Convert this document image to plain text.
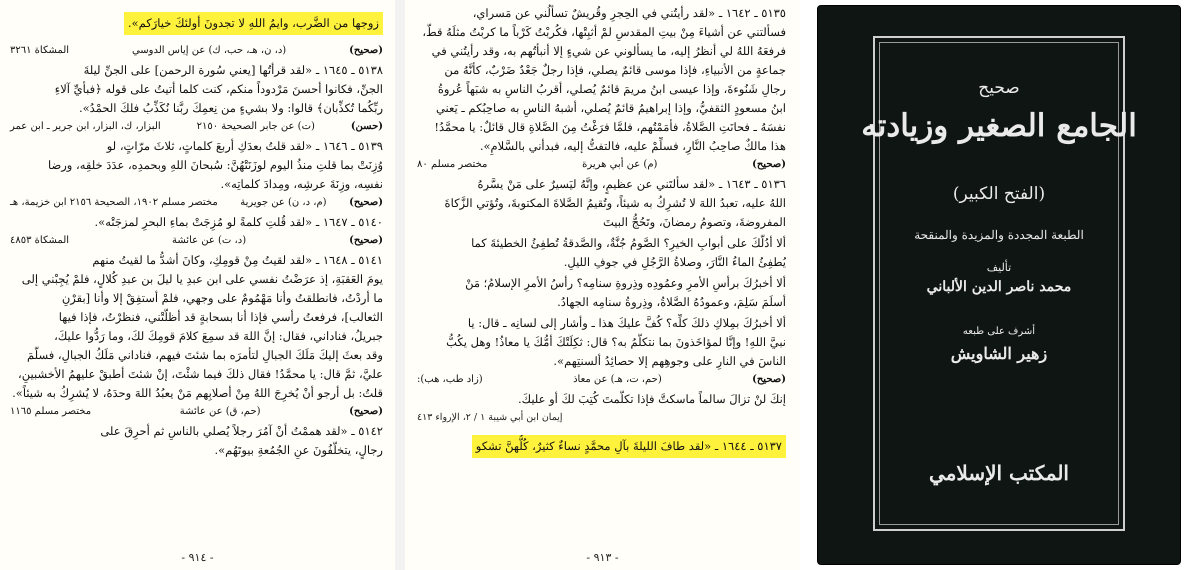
زوجها من الضَّرب، وايمُ اللهِ لا تجدونَ أولئكَ خيارَكم».
(صحيح)
(د، ن، هـ، حب، ك) عن إياس الدوسي
المشكاة ٣٢٦١
٥١٣٨ ـ ١٦٤٥ ـ «لقد قرأتُها [يعني سُورة الرحمن] على الجنِّ ليلةَ
الجنِّ، فكانوا أحسنَ مَرْدوداً منكم، كنت كلما أتيتُ على قوله ﴿فبأيِّ آلاءِ
ربِّكُما تُكذِّبان﴾ قالوا: ولا بشيءٍ من نِعمِكَ ربَّنا نُكَذِّبُ فلكَ الحمْدُ».
(حسن)
(ت) عن جابر الصحيحة ٢١٥٠
البزار، ك، البزار، ابن جرير ـ ابن عمر
٥١٣٩ ـ ١٦٤٦ ـ «لقد قلتُ بعدَكِ أربعَ كلماتٍ، ثلاثَ مرّاتٍ، لو
وُزِنَتْ بما قلتِ منذُ اليوم لوزَنَتْهُنَّ: سُبحانَ اللهِ وبحمدِه، عدَدَ خلقِه، ورضا
نفسِه، وزِنَةَ عرشِه، ومِدادَ كلماتِه».
(صحيح)
(م، د، ن) عن جويرية
مختصر مسلم ١٩٠٢، الصحيحة ٢١٥٦ ابن خزيمة، هـ
٥١٤٠ ـ ١٦٤٧ ـ «لقد قُلتِ كلمةً لو مُزِجَتْ بماءِ البحرِ لمزجَتْه».
(صحيح)
(د، ت) عن عائشة
المشكاة ٤٨٥٣
٥١٤١ ـ ١٦٤٨ ـ «لقد لقيتُ مِنْ قومِكِ، وكانَ أشدُّ ما لقيتُ منهم
يومَ العَقبَةِ، إذ عرَضْتُ نفسي على ابن عبدِ يا ليلَ بن عبدِ كُلالٍ، فلمْ يُجِبْني إلى
ما أردْتُ، فانطلقتُ وأنا مَهْمُومٌ على وجهي، فلمْ أستفِقْ إلا وأنا [بقرْنِ
الثعالب]، فرفعتُ رأسي فإذا أنا بسحابةٍ قد أظلَّتْني، فنظرْتُ، فإذا فيها
جبريلُ، فناداني، فقال: إنَّ اللهَ قد سمِعَ كلامَ قومِكَ لكَ، وما رَدُّوا عليكَ،
وقد بعثَ إليكَ مَلَكَ الجبالِ لتأمرَه بما شئتَ فيهم، فناداني مَلَكُ الجبالِ، فسلَّمَ
عليَّ، ثمَّ قال: يا محمَّدُ! فقال ذلكَ فيما شئْتَ، إنْ شئتَ أطبقْ عليهمُ الأخشبينِ،
قلتُ: بل أرجو أنْ يُخرِجَ اللهُ مِنْ أصلابِهم مَنْ يعبُدُ اللهَ وحدَهُ، لا يُشرِكُ به شيئاً».
(صحيح)
(حم، ق) عن عائشة
مختصر مسلم ١١٦٥
٥١٤٢ ـ «لقد هممْتُ أنْ آمُرَ رجلاً يُصلي بالناسِ ثم أحرِقَ على
رجالٍ، يتخلَّفُونَ عنِ الجُمُعةِ بيوتَهُم».
- ٩١٤ -
٥١٣٥ ـ ١٦٤٢ ـ «لقد رأيتُني في الحِجرِ وقُريشٌ تسألُني عن مَسراي،
فسألتني عن أشياءَ مِنْ بيتِ المقدسِ لمْ أثبِتْها، فكُربْتُ كَرْباً ما كربْتُ مثلَهُ قطُّ،
فرفعَهُ اللهُ لي أنظرُ إليه، ما يسألوني عن شيءٍ إلا أنبأتُهم به، وقد رأيتُني في
جماعةٍ من الأنبياءِ، فإذا موسى قائمٌ يصلي، فإذا رجلٌ جَعْدٌ ضَرْبٌ، كأنَّهُ من
رجالِ شَنُوءةَ، وإذا عيسى ابنُ مريمَ قائمٌ يُصلي، أقربُ الناسِ به شبَهاً عُروةُ
ابنُ مسعودٍ الثقفيُّ، وإذا إبراهيمُ قائمٌ يُصلي، أشبهُ الناسِ به صاحِبُكم ـ يَعني
نفسَهُ ـ فحانَتِ الصَّلاةُ، فأمَمْتُهم، فلمَّا فرَغْتُ مِنَ الصَّلاةِ قال قائلٌ: يا محمَّدُ!
هذا مالكٌ صاحِبُ النَّارِ، فسلِّمْ عليه، فالتفتُّ إليه، فبدأني بالسَّلامِ».
(صحيح)
(م) عن أبي هريرة
مختصر مسلم ٨٠
٥١٣٦ ـ ١٦٤٣ ـ «لقد سألتَني عن عظيمٍ، وإنَّهُ ليَسيرٌ على مَنْ يسَّرهُ
اللهُ عليه، تعبدُ اللهَ لا تُشرِكُ به شيئاً، وتُقيمُ الصَّلاةَ المكتوبةَ، وتُؤتي الزَّكاةَ
المفروضةَ، وتصومُ رمضانَ، وتَحُجُّ البيتَ
ألا أدُلُّكَ على أبوابِ الخيرِ؟ الصَّومُ جُنَّةٌ، والصَّدقةُ تُطفِئُ الخطيئةَ كما
يُطفِئُ الماءُ النَّارَ، وصلاةُ الرَّجُلِ في جوفِ الليلِ.
ألا أخبرُكَ برأسِ الأمرِ وعمُودِه وذِروةِ سنامِه؟ رأسُ الأمرِ الإسلامُ؛ مَنْ
أسلَمَ سَلِمَ، وعمودُهُ الصَّلاةُ، وذِروةُ سنامِه الجهادُ.
ألا أخبرُكَ بمِلاكِ ذلكَ كلِّه؟ كُفَّ عليكَ هذا ـ وأشار إلى لسانِه ـ قال: يا
نبيَّ اللهِ! وإنَّا لمؤاخَذونَ بما نتكلَّمُ به؟ قال: ثكِلَتْكَ أمُّكَ يا معاذُ! وهل يكُبُّ
الناسَ في النارِ على وجوهِهم إلا حصائِدُ ألسنتِهم».
(صحيح)
(حم، ت، هـ) عن معاذ
(زاد طب، هب):
إنكَ لنْ تزالَ سالماً ماسكتَّ فإذا تكلَّمتَ كُتِبَ لكَ أو عليكَ.
إيمان ابن أبي شيبة ١ / ٢، الإرواء ٤١٣
٥١٣٧ ـ ١٦٤٤ ـ «لقد طافَ الليلةَ بآلِ محمَّدٍ نساءٌ كثيرٌ، كُلُّهنَّ تشكو
- ٩١٣ -
صحيح
الجامع الصغير وزيادته
(الفتح الكبير)
الطبعة المجددة والمزيدة والمنقحة
تأليف
محمد ناصر الدين الألباني
أشرف على طبعه
زهير الشاويش
المكتب الإسلامي
